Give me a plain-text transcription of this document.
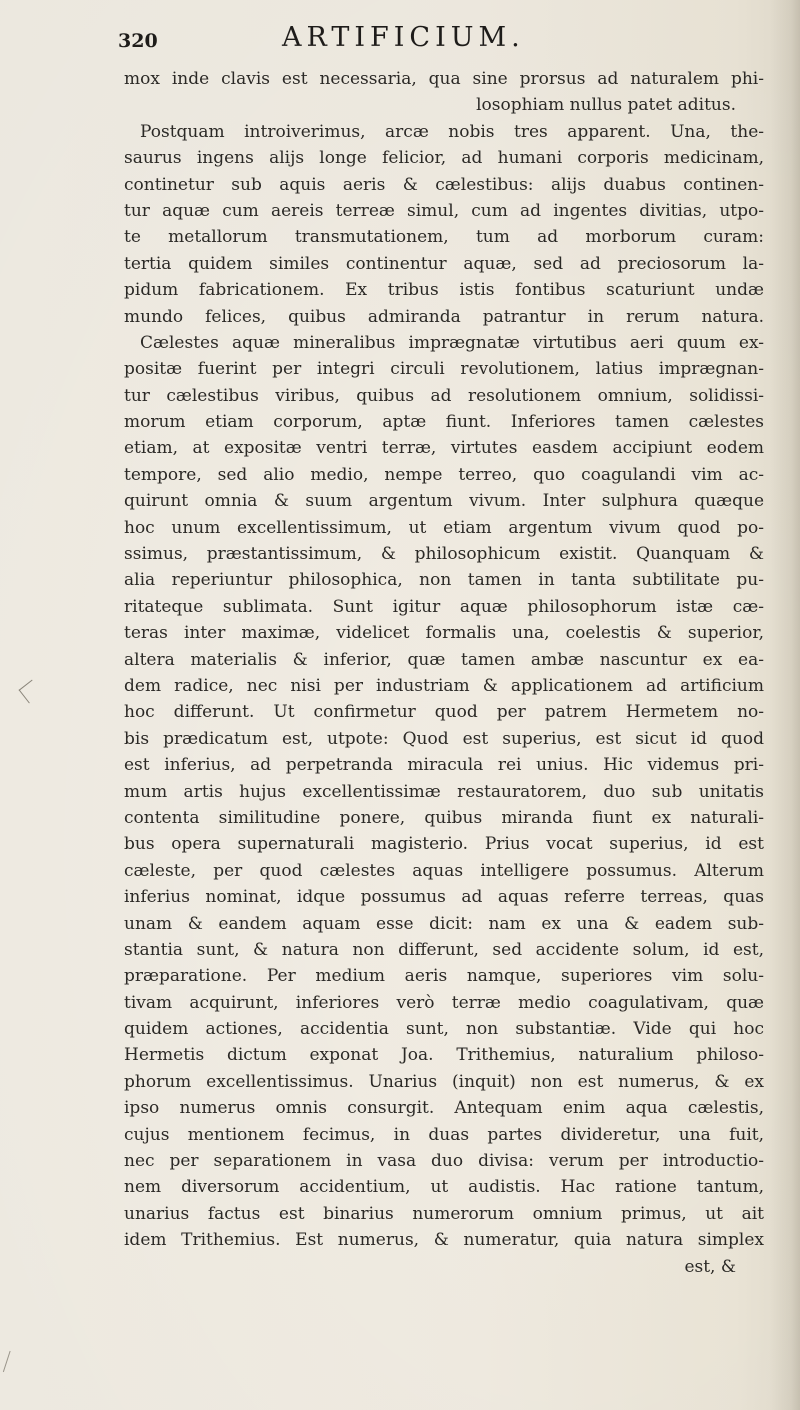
320	ARTIFICIUM.
mox inde clavis est necessaria, qua sine prorsus ad naturalem phi-
losophiam nullus patet aditus.
Postquam introiverimus, arcæ nobis tres apparent. Una, the-
saurus ingens alijs longe felicior, ad humani corporis medicinam,
continetur sub aquis aeris & cælestibus: alijs duabus continen-
tur aquæ cum aereis terreæ simul, cum ad ingentes divitias, utpo-
te metallorum transmutationem, tum ad morborum curam:
tertia quidem similes continentur aquæ, sed ad preciosorum la-
pidum fabricationem. Ex tribus istis fontibus scaturiunt undæ
mundo felices, quibus admiranda patrantur in rerum natura.
Cælestes aquæ mineralibus imprægnatæ virtutibus aeri quum ex-
positæ fuerint per integri circuli revolutionem, latius imprægnan-
tur cælestibus viribus, quibus ad resolutionem omnium, solidissi-
morum etiam corporum, aptæ fiunt. Inferiores tamen cælestes
etiam, at expositæ ventri terræ, virtutes easdem accipiunt eodem
tempore, sed alio medio, nempe terreo, quo coagulandi vim ac-
quirunt omnia & suum argentum vivum. Inter sulphura quæque
hoc unum excellentissimum, ut etiam argentum vivum quod po-
ssimus, præstantissimum, & philosophicum existit. Quanquam &
alia reperiuntur philosophica, non tamen in tanta subtilitate pu-
ritateque sublimata. Sunt igitur aquæ philosophorum istæ cæ-
teras inter maximæ, videlicet formalis una, coelestis & superior,
altera materialis & inferior, quæ tamen ambæ nascuntur ex ea-
dem radice, nec nisi per industriam & applicationem ad artificium
hoc differunt. Ut confirmetur quod per patrem Hermetem no-
bis prædicatum est, utpote: Quod est superius, est sicut id quod
est inferius, ad perpetranda miracula rei unius. Hic videmus pri-
mum artis hujus excellentissimæ restauratorem, duo sub unitatis
contenta similitudine ponere, quibus miranda fiunt ex naturali-
bus opera supernaturali magisterio. Prius vocat superius, id est
cæleste, per quod cælestes aquas intelligere possumus. Alterum
inferius nominat, idque possumus ad aquas referre terreas, quas
unam & eandem aquam esse dicit: nam ex una & eadem sub-
stantia sunt, & natura non differunt, sed accidente solum, id est,
præparatione. Per medium aeris namque, superiores vim solu-
tivam acquirunt, inferiores verò terræ medio coagulativam, quæ
quidem actiones, accidentia sunt, non substantiæ. Vide qui hoc
Hermetis dictum exponat Joa. Trithemius, naturalium philoso-
phorum excellentissimus. Unarius (inquit) non est numerus, & ex
ipso numerus omnis consurgit. Antequam enim aqua cælestis,
cujus mentionem fecimus, in duas partes divideretur, una fuit,
nec per separationem in vasa duo divisa: verum per introductio-
nem diversorum accidentium, ut audistis. Hac ratione tantum,
unarius factus est binarius numerorum omnium primus, ut ait
idem Trithemius. Est numerus, & numeratur, quia natura simplex
est, &
